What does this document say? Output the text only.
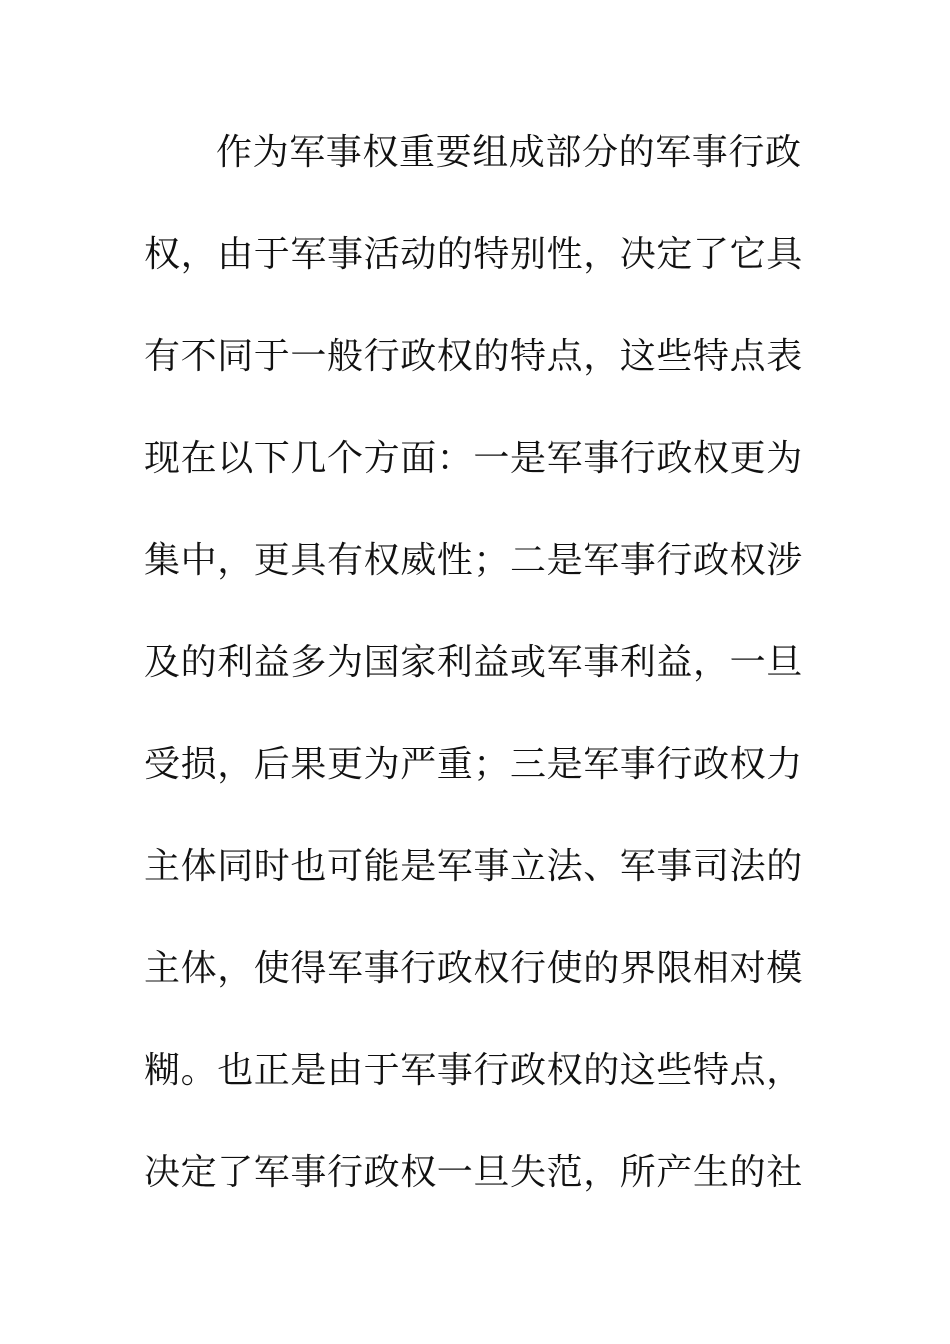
作为军事权重要组成部分的军事行政
权，由于军事活动的特别性，决定了它具
有不同于一般行政权的特点，这些特点表
现在以下几个方面：一是军事行政权更为
集中，更具有权威性；二是军事行政权涉
及的利益多为国家利益或军事利益，一旦
受损，后果更为严重；三是军事行政权力
主体同时也可能是军事立法、军事司法的
主体，使得军事行政权行使的界限相对模
糊。也正是由于军事行政权的这些特点，
决定了军事行政权一旦失范，所产生的社
